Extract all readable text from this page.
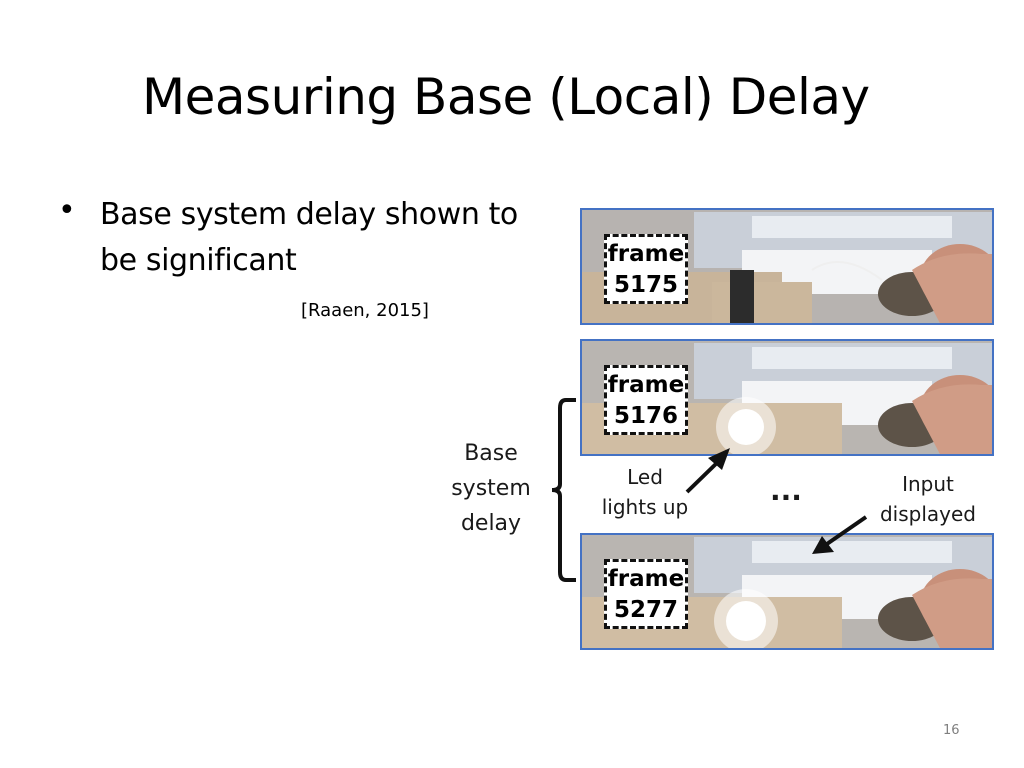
Measuring Base (Local) Delay
• Base system delay shown to be significant
[Raaen, 2015]
frame
5175
frame
5176
frame
5277
Base
system
delay
Led
lights up	...	Input
displayed
16
